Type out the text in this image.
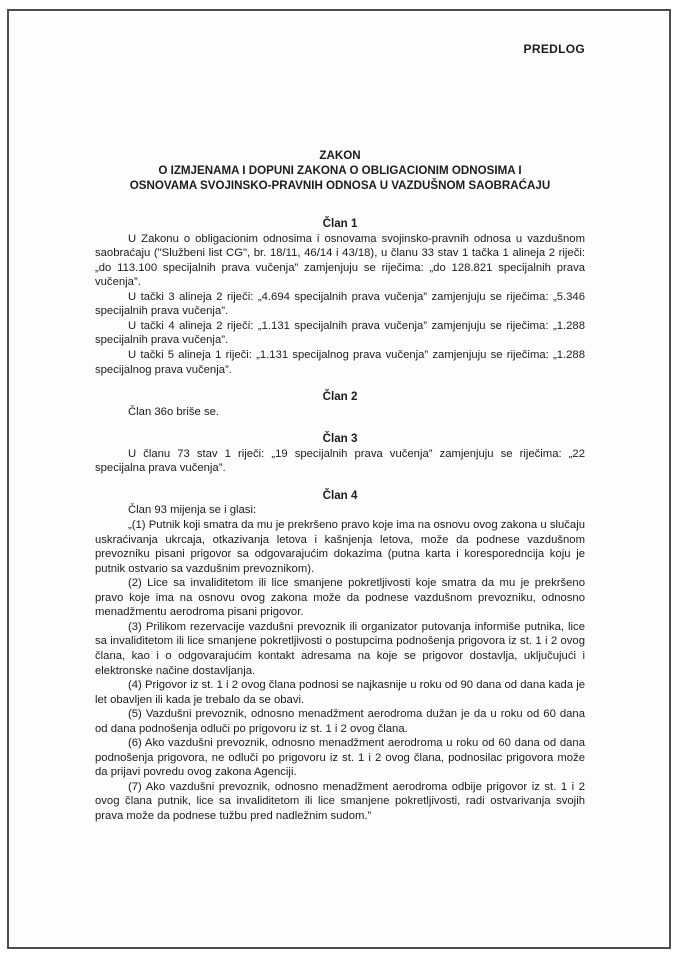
PREDLOG
ZAKON
O IZMJENAMA I DOPUNI ZAKONA O OBLIGACIONIM ODNOSIMA I
OSNOVAMA SVOJINSKO-PRAVNIH ODNOSA U VAZDUŠNOM SAOBRAĆAJU
Član 1

U Zakonu o obligacionim odnosima i osnovama svojinsko-pravnih odnosa u vazdušnom saobraćaju ("Službeni list CG", br. 18/11, 46/14 i 43/18), u članu 33 stav 1 tačka 1 alineja 2 riječi: „do 113.100 specijalnih prava vučenja” zamjenjuju se riječima: „do 128.821 specijalnih prava vučenja”.

U tački 3 alineja 2 riječi: „4.694 specijalnih prava vučenja” zamjenjuju se riječima: „5.346 specijalnih prava vučenja”.

U tački 4 alineja 2 riječi: „1.131 specijalnih prava vučenja” zamjenjuju se riječima: „1.288 specijalnih prava vučenja”.

U tački 5 alineja 1 riječi: „1.131 specijalnog prava vučenja” zamjenjuju se riječima: „1.288 specijalnog prava vučenja”.

Član 2

Član 36o briše se.

Član 3

U članu 73 stav 1 riječi: „19 specijalnih prava vučenja” zamjenjuju se riječima: „22 specijalna prava vučenja”.

Član 4

Član 93 mijenja se i glasi:

„(1) Putnik koji smatra da mu je prekršeno pravo koje ima na osnovu ovog zakona u slučaju uskraćivanja ukrcaja, otkazivanja letova i kašnjenja letova, može da podnese vazdušnom prevozniku pisani prigovor sa odgovarajućim dokazima (putna karta i koresporedncija koju je putnik ostvario sa vazdušnim prevoznikom).

(2) Lice sa invaliditetom ili lice smanjene pokretljivosti koje smatra da mu je prekršeno pravo koje ima na osnovu ovog zakona može da podnese vazdušnom prevozniku, odnosno menadžmentu aerodroma pisani prigovor.

(3) Prilikom rezervacije vazdušni prevoznik ili organizator putovanja informiše putnika, lice sa invaliditetom ili lice smanjene pokretljivosti o postupcima podnošenja prigovora iz st. 1 i 2 ovog člana, kao i o odgovarajućim kontakt adresama na koje se prigovor dostavlja, uključujući i elektronske načine dostavljanja.

(4) Prigovor iz st. 1 i 2 ovog člana podnosi se najkasnije u roku od 90 dana od dana kada je let obavljen ili kada je trebalo da se obavi.

(5) Vazdušni prevoznik, odnosno menadžment aerodroma dužan je da u roku od 60 dana od dana podnošenja odluči po prigovoru iz st. 1 i 2 ovog člana.

(6) Ako vazdušni prevoznik, odnosno menadžment aerodroma u roku od 60 dana od dana podnošenja prigovora, ne odluči po prigovoru iz st. 1 i 2 ovog člana, podnosilac prigovora može da prijavi povredu ovog zakona Agenciji.

(7) Ako vazdušni prevoznik, odnosno menadžment aerodroma odbije prigovor iz st. 1 i 2 ovog člana putnik, lice sa invaliditetom ili lice smanjene pokretljivosti, radi ostvarivanja svojih prava može da podnese tužbu pred nadležnim sudom.”
